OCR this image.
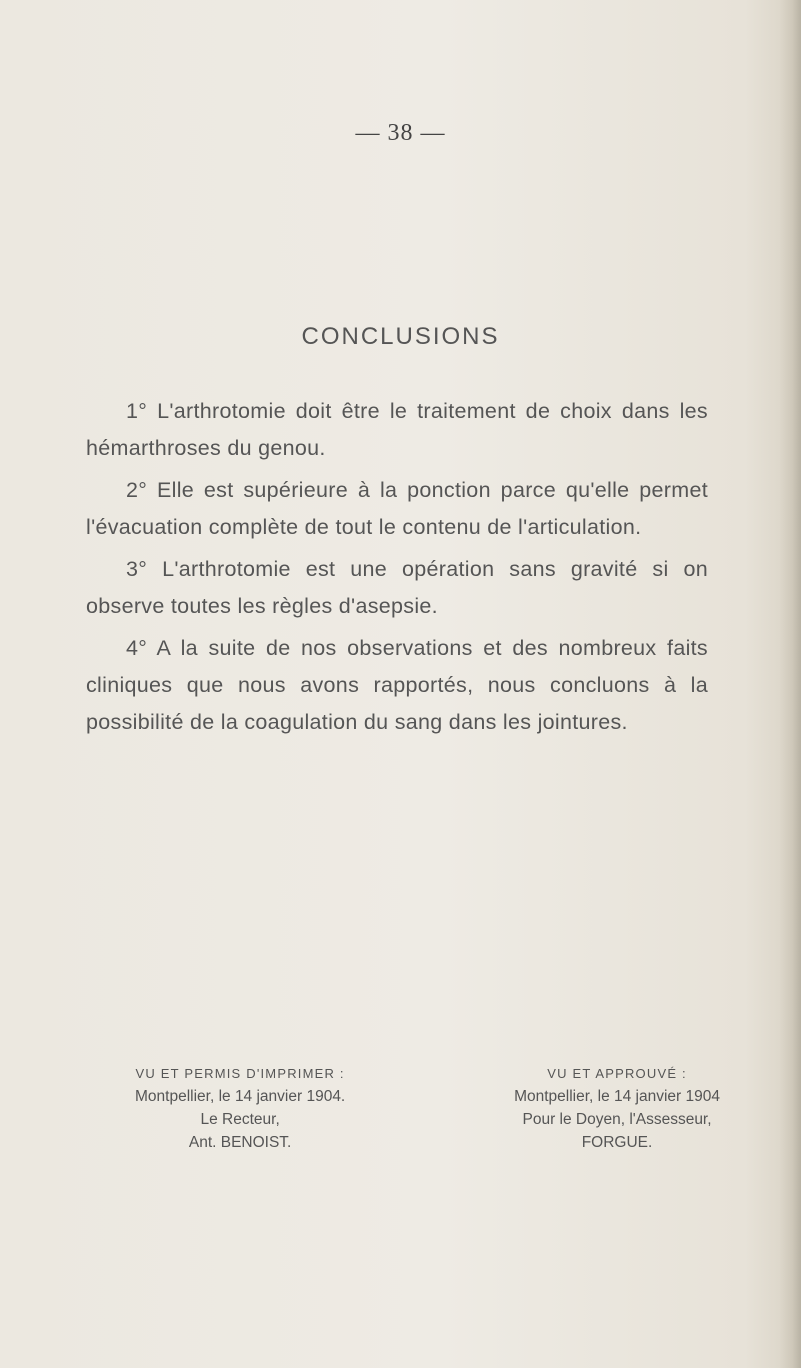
— 38 —
CONCLUSIONS

1° L'arthrotomie doit être le traitement de choix dans les hémarthroses du genou.

2° Elle est supérieure à la ponction parce qu'elle permet l'évacuation complète de tout le contenu de l'articulation.

3° L'arthrotomie est une opération sans gravité si on observe toutes les règles d'asepsie.

4° A la suite de nos observations et des nombreux faits cliniques que nous avons rapportés, nous concluons à la possibilité de la coagulation du sang dans les jointures.

VU ET PERMIS D'IMPRIMER :
Montpellier, le 14 janvier 1904.
Le Recteur,
Ant. BENOIST.
VU ET APPROUVÉ :
Montpellier, le 14 janvier 1904
Pour le Doyen, l'Assesseur,
FORGUE.
